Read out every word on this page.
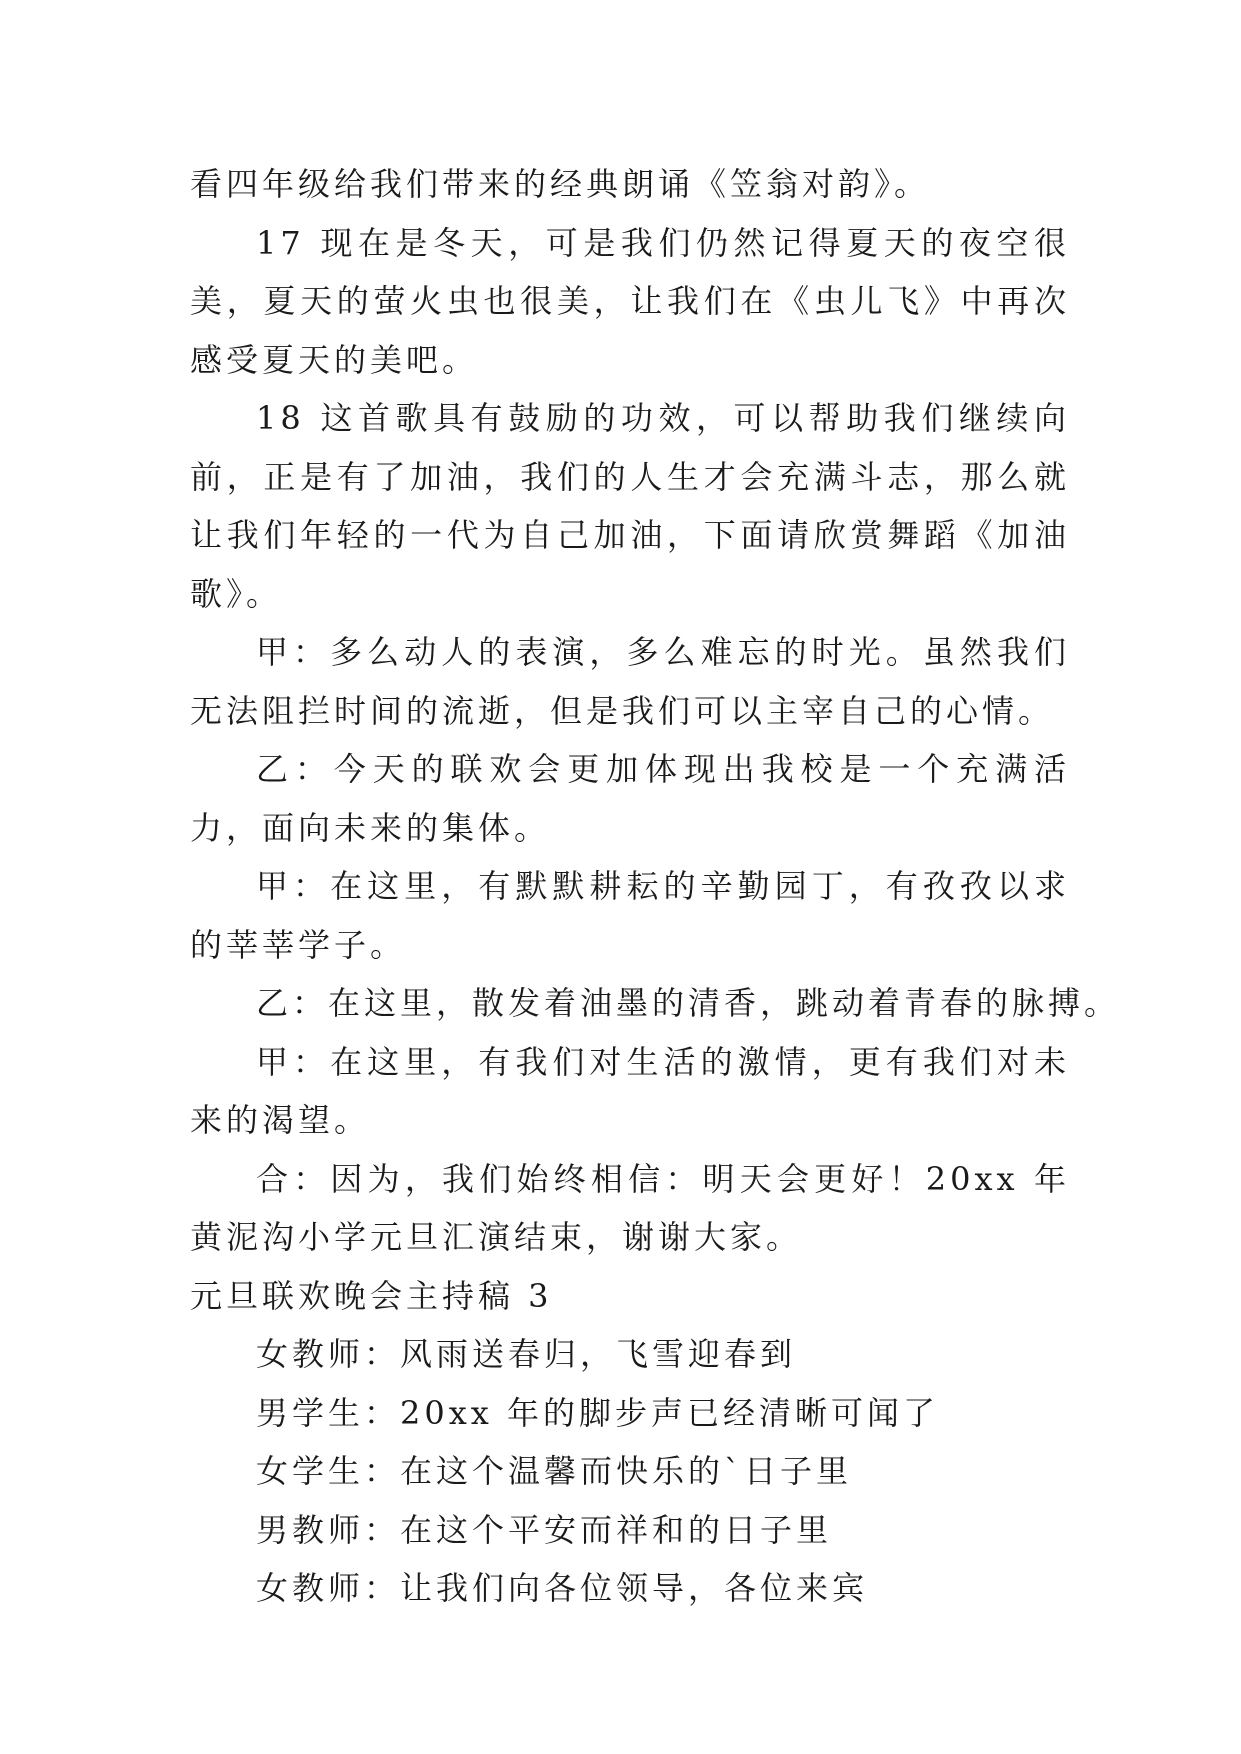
看四年级给我们带来的经典朗诵《笠翁对韵》。

17 现在是冬天，可是我们仍然记得夏天的夜空很美，夏天的萤火虫也很美，让我们在《虫儿飞》中再次感受夏天的美吧。

18 这首歌具有鼓励的功效，可以帮助我们继续向前，正是有了加油，我们的人生才会充满斗志，那么就让我们年轻的一代为自己加油，下面请欣赏舞蹈《加油歌》。

甲：多么动人的表演，多么难忘的时光。虽然我们无法阻拦时间的流逝，但是我们可以主宰自己的心情。

乙：今天的联欢会更加体现出我校是一个充满活力，面向未来的集体。

甲：在这里，有默默耕耘的辛勤园丁，有孜孜以求的莘莘学子。

乙：在这里，散发着油墨的清香，跳动着青春的脉搏。

甲：在这里，有我们对生活的激情，更有我们对未来的渴望。

合：因为，我们始终相信：明天会更好！20xx 年黄泥沟小学元旦汇演结束，谢谢大家。

元旦联欢晚会主持稿 3

女教师：风雨送春归，飞雪迎春到

男学生：20xx 年的脚步声已经清晰可闻了

女学生：在这个温馨而快乐的`日子里

男教师：在这个平安而祥和的日子里

女教师：让我们向各位领导，各位来宾
